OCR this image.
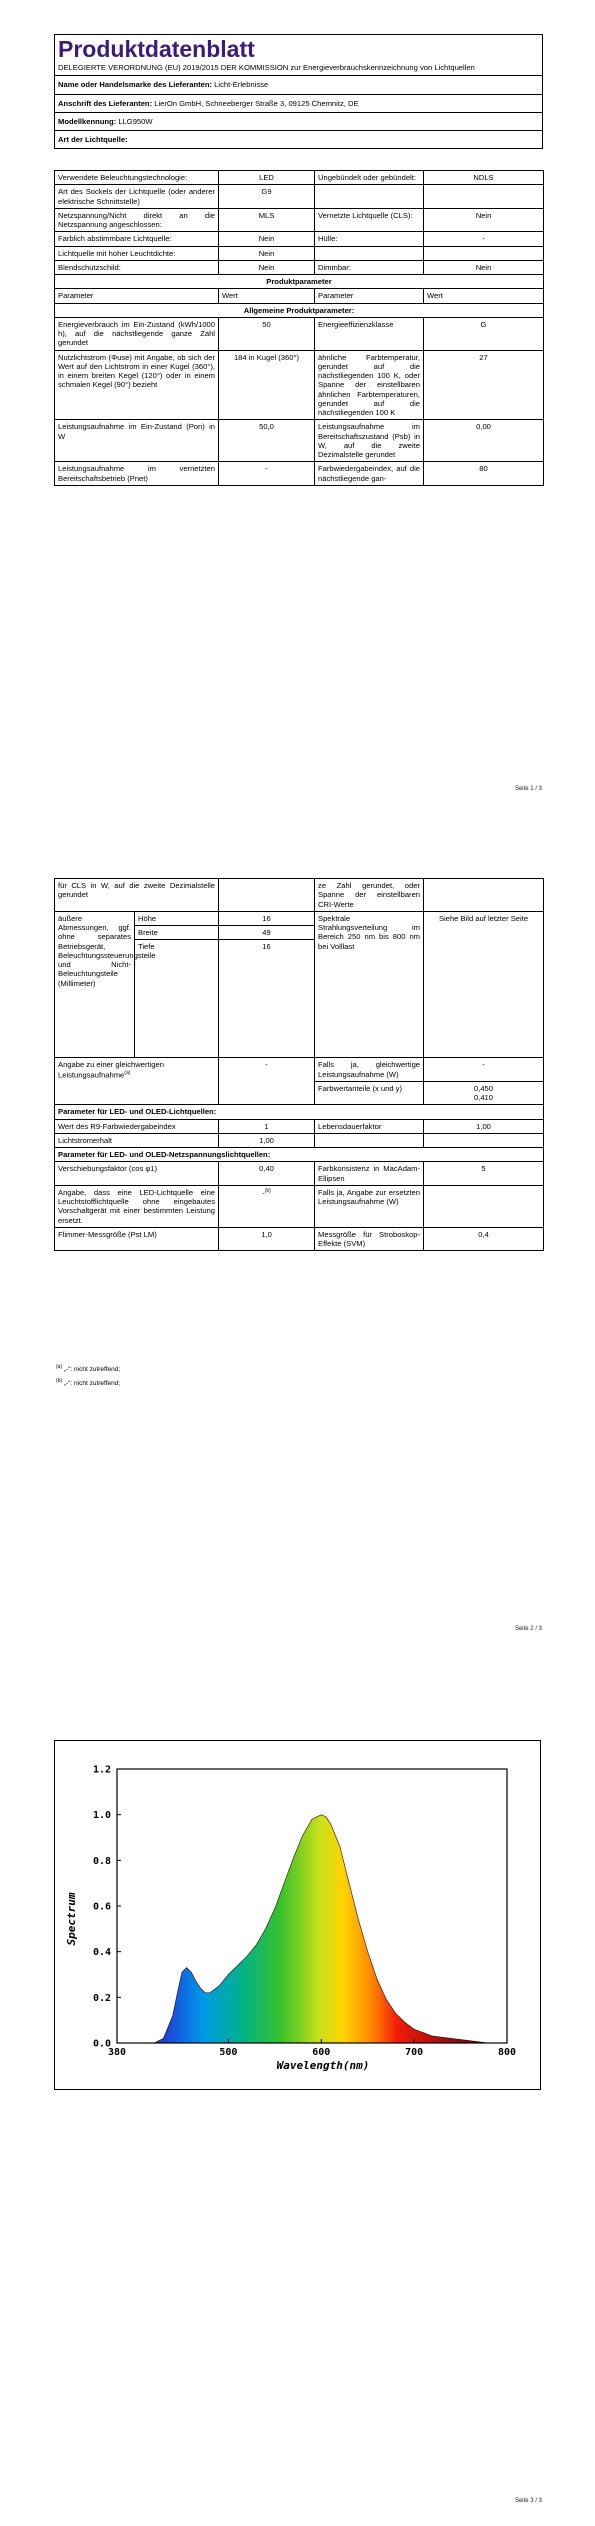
Produktdatenblatt
DELEGIERTE VERORDNUNG (EU) 2019/2015 DER KOMMISSION zur Energieverbrauchskennzeichnung von Lichtquellen
Name oder Handelsmarke des Lieferanten: Licht-Erlebnisse
Anschrift des Lieferanten: LierOn GmbH, Schneeberger Straße 3, 09125 Chemnitz, DE
Modellkennung: LLG950W
Art der Lichtquelle:
Verwendete Beleuchtungstechnologie:	LED	Ungebündelt oder gebündelt:	NDLS
Art des Sockels der Lichtquelle (oder anderer elektrische Schnittstelle)	G9		
Netzspannung/Nicht direkt an die Netzspannung angeschlossen:	MLS	Vernetzte Lichtquelle (CLS):	Nein
Farblich abstimmbare Lichtquelle:	Nein	Hülle:	-
Lichtquelle mit hoher Leuchtdichte:	Nein		
Blendschutzschild:	Nein	Dimmbar:	Nein
Produktparameter			
Parameter	Wert	Parameter	Wert
Allgemeine Produktparameter:			
Energieverbrauch im Ein-Zustand (kWh/1000 h), auf die nächstliegende ganze Zahl gerundet	50	Energieeffizienzklasse	G
Nutzlichtstrom (Φuse) mit Angabe, ob sich der Wert auf den Lichtstrom in einer Kugel (360°), in einem breiten Kegel (120°) oder in einem schmalen Kegel (90°) bezieht	184 in Kugel (360°)	ähnliche Farbtemperatur, gerundet auf die nächstliegenden 100 K, oder Spanne der einstellbaren ähnlichen Farbtemperaturen, gerundet auf die nächstliegenden 100 K	27
Leistungsaufnahme im Ein-Zustand (Pon) in W	50,0	Leistungsaufnahme im Bereitschaftszustand (Psb) in W, auf die zweite Dezimalstelle gerundet	0,00
Leistungsaufnahme im vernetzten Bereitschaftsbetrieb (Pnet)	-	Farbwiedergabeindex, auf die nächstliegende gan-	80
Seite 1 / 3
für CLS in W, auf die zweite Dezimalstelle gerundet			ze Zahl gerundet, oder Spanne der einstellbaren CRI-Werte	
äußere Abmessungen, ggf. ohne separates Betriebsgerät, Beleuchtungssteuerungsteile und Nicht-Beleuchtungsteile (Millimeter)	Höhe	16	Spektrale Strahlungsverteilung im Bereich 250 nm bis 800 nm bei Volllast	Siehe Bild auf letzter Seite
	Breite	49		
	Tiefe	16		
Angabe zu einer gleichwertigen Leistungsaufnahme$^{(a)}$		-	Falls ja, gleichwertige Leistungsaufnahme (W)	-
			Farbwertanteile (x und y)	0,450
0,410
Parameter für LED- und OLED-Lichtquellen:				
Wert des R9-Farbwiedergabeindex		1	Lebensdauerfaktor	1,00
Lichtstromerhalt		1,00		
Parameter für LED- und OLED-Netzspannungslichtquellen:				
Verschiebungsfaktor (cos φ1)		0,40	Farbkonsistenz in MacAdam-Ellipsen	5
Angabe, dass eine LED-Lichtquelle eine Leuchtstofflichtquelle ohne eingebautes Vorschaltgerät mit einer bestimmten Leistung ersetzt.		-$^{(b)}$	Falls ja, Angabe zur ersetzten Leistungsaufnahme (W)	
Flimmer-Messgröße (Pst LM)		1,0	Messgröße für Stroboskop-Effekte (SVM)	0,4
$^{(a)}$ „-“: nicht zutreffend;
$^{(b)}$ „-“: nicht zutreffend;
Seite 2 / 3
380	500	600	700	800
0.0
0.2
0.4
0.6
0.8
1.0
1.2
Wavelength(nm)
Spectrum
Seite 3 / 3
